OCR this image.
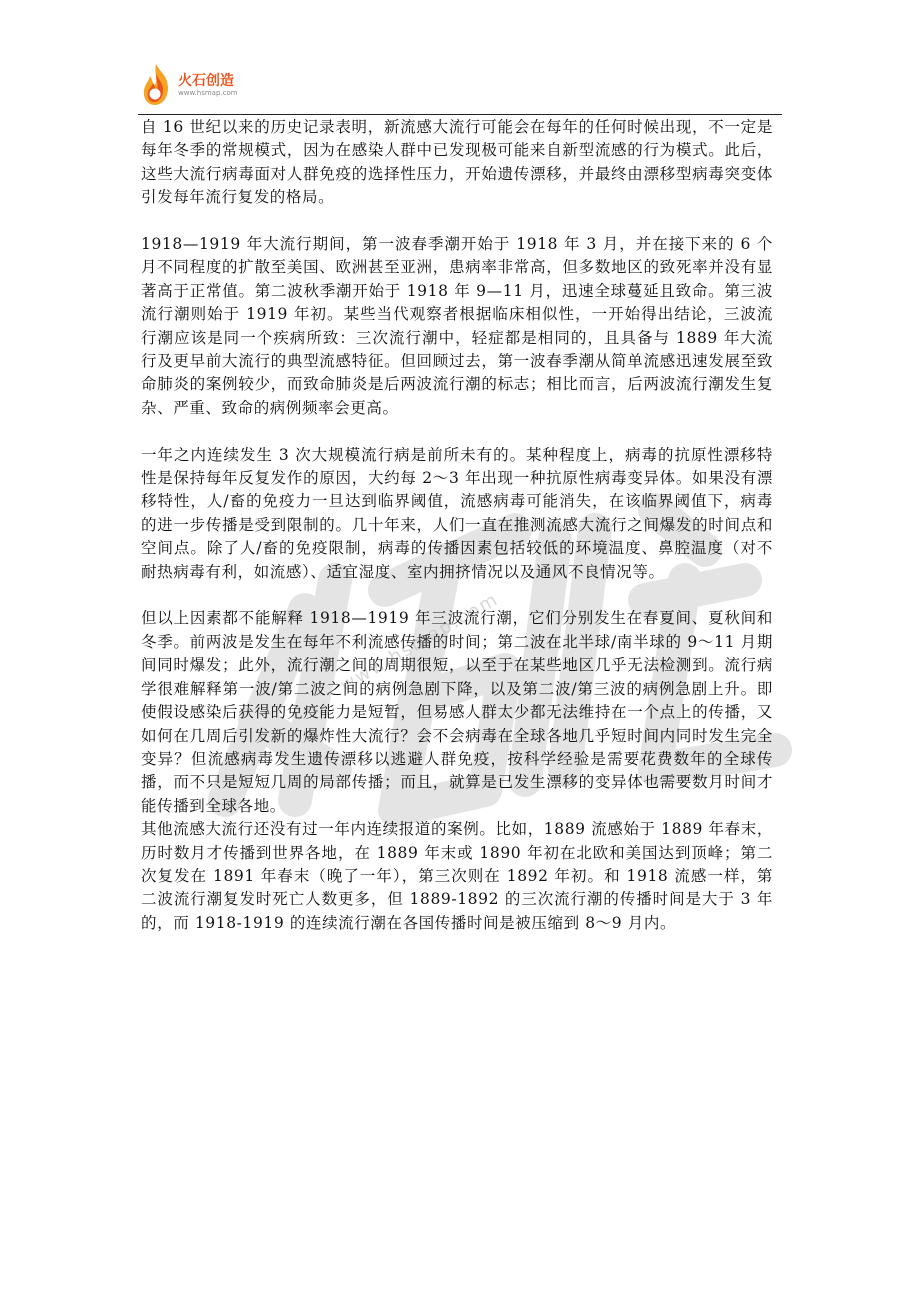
火石创造
www.hsmap.com
www.hsmap.com

自 16 世纪以来的历史记录表明，新流感大流行可能会在每年的任何时候出现，不一定是每年冬季的常规模式，因为在感染人群中已发现极可能来自新型流感的行为模式。此后，这些大流行病毒面对人群免疫的选择性压力，开始遗传漂移，并最终由漂移型病毒突变体引发每年流行复发的格局。

1918—1919 年大流行期间，第一波春季潮开始于 1918 年 3 月，并在接下来的 6 个月不同程度的扩散至美国、欧洲甚至亚洲，患病率非常高，但多数地区的致死率并没有显著高于正常值。第二波秋季潮开始于 1918 年 9—11 月，迅速全球蔓延且致命。第三波流行潮则始于 1919 年初。某些当代观察者根据临床相似性，一开始得出结论，三波流行潮应该是同一个疾病所致：三次流行潮中，轻症都是相同的，且具备与 1889 年大流行及更早前大流行的典型流感特征。但回顾过去，第一波春季潮从简单流感迅速发展至致命肺炎的案例较少，而致命肺炎是后两波流行潮的标志；相比而言，后两波流行潮发生复杂、严重、致命的病例频率会更高。

一年之内连续发生 3 次大规模流行病是前所未有的。某种程度上，病毒的抗原性漂移特性是保持每年反复发作的原因，大约每 2～3 年出现一种抗原性病毒变异体。如果没有漂移特性，人/畜的免疫力一旦达到临界阈值，流感病毒可能消失，在该临界阈值下，病毒的进一步传播是受到限制的。几十年来，人们一直在推测流感大流行之间爆发的时间点和空间点。除了人/畜的免疫限制，病毒的传播因素包括较低的环境温度、鼻腔温度（对不耐热病毒有利，如流感）、适宜湿度、室内拥挤情况以及通风不良情况等。

但以上因素都不能解释 1918—1919 年三波流行潮，它们分别发生在春夏间、夏秋间和冬季。前两波是发生在每年不利流感传播的时间；第二波在北半球/南半球的 9～11 月期间同时爆发；此外，流行潮之间的周期很短，以至于在某些地区几乎无法检测到。流行病学很难解释第一波/第二波之间的病例急剧下降，以及第二波/第三波的病例急剧上升。即使假设感染后获得的免疫能力是短暂，但易感人群太少都无法维持在一个点上的传播，又如何在几周后引发新的爆炸性大流行？会不会病毒在全球各地几乎短时间内同时发生完全变异？但流感病毒发生遗传漂移以逃避人群免疫，按科学经验是需要花费数年的全球传播，而不只是短短几周的局部传播；而且，就算是已发生漂移的变异体也需要数月时间才能传播到全球各地。

其他流感大流行还没有过一年内连续报道的案例。比如，1889 流感始于 1889 年春末，历时数月才传播到世界各地，在 1889 年末或 1890 年初在北欧和美国达到顶峰；第二次复发在 1891 年春末（晚了一年），第三次则在 1892 年初。和 1918 流感一样，第二波流行潮复发时死亡人数更多，但 1889-1892 的三次流行潮的传播时间是大于 3 年的，而 1918-1919 的连续流行潮在各国传播时间是被压缩到 8～9 月内。
